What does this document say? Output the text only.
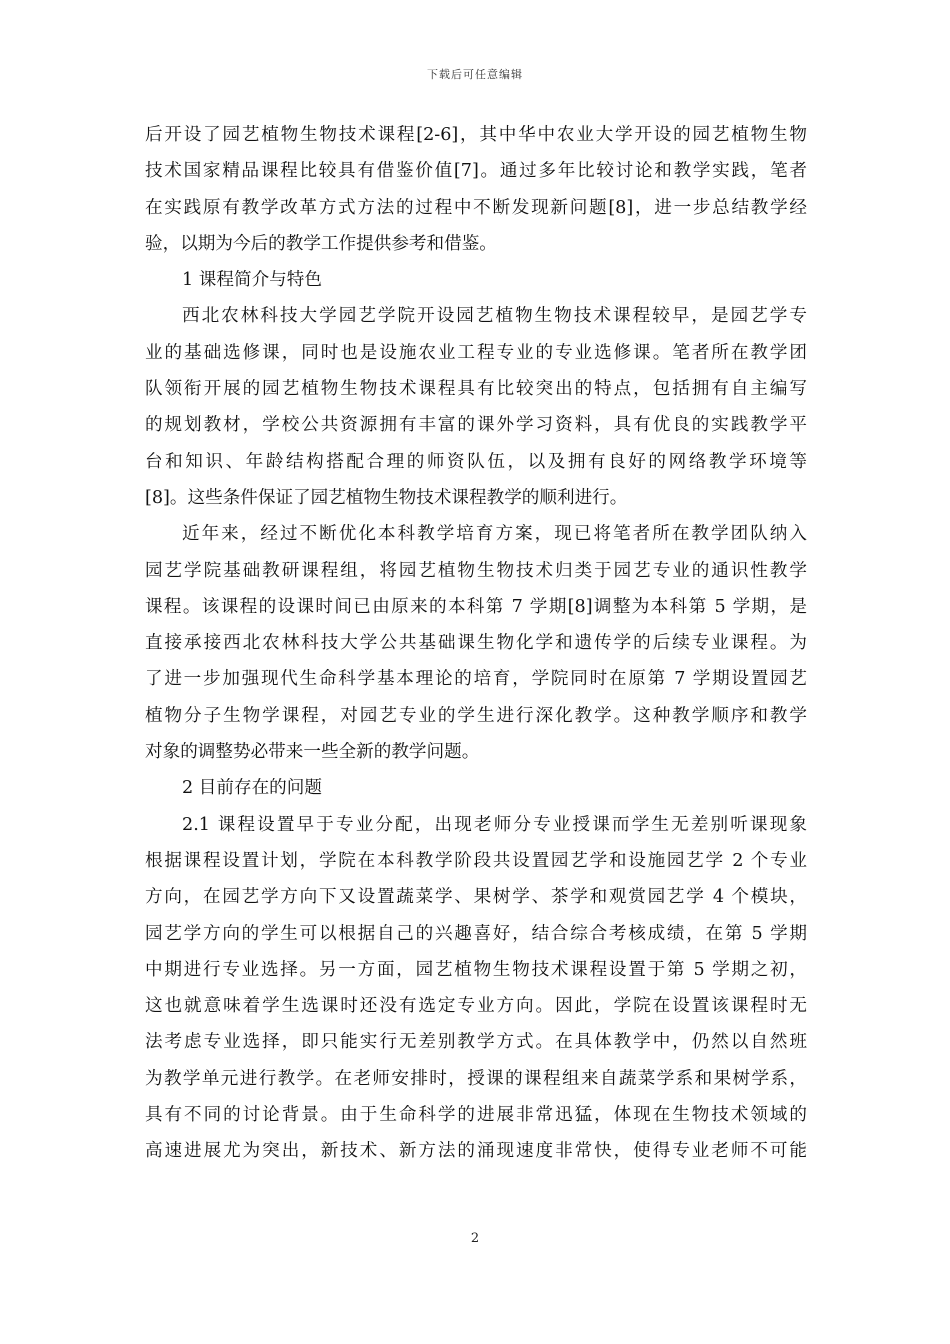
下载后可任意编辑
后开设了园艺植物生物技术课程[2-6]，其中华中农业大学开设的园艺植物生物
技术国家精品课程比较具有借鉴价值[7]。通过多年比较讨论和教学实践，笔者
在实践原有教学改革方式方法的过程中不断发现新问题[8]，进一步总结教学经
验，以期为今后的教学工作提供参考和借鉴。
1 课程简介与特色
西北农林科技大学园艺学院开设园艺植物生物技术课程较早，是园艺学专
业的基础选修课，同时也是设施农业工程专业的专业选修课。笔者所在教学团
队领衔开展的园艺植物生物技术课程具有比较突出的特点，包括拥有自主编写
的规划教材，学校公共资源拥有丰富的课外学习资料，具有优良的实践教学平
台和知识、年龄结构搭配合理的师资队伍，以及拥有良好的网络教学环境等
[8]。这些条件保证了园艺植物生物技术课程教学的顺利进行。
近年来，经过不断优化本科教学培育方案，现已将笔者所在教学团队纳入
园艺学院基础教研课程组，将园艺植物生物技术归类于园艺专业的通识性教学
课程。该课程的设课时间已由原来的本科第 7 学期[8]调整为本科第 5 学期，是
直接承接西北农林科技大学公共基础课生物化学和遗传学的后续专业课程。为
了进一步加强现代生命科学基本理论的培育，学院同时在原第 7 学期设置园艺
植物分子生物学课程，对园艺专业的学生进行深化教学。这种教学顺序和教学
对象的调整势必带来一些全新的教学问题。
2 目前存在的问题
2.1 课程设置早于专业分配，出现老师分专业授课而学生无差别听课现象
根据课程设置计划，学院在本科教学阶段共设置园艺学和设施园艺学 2 个专业
方向，在园艺学方向下又设置蔬菜学、果树学、茶学和观赏园艺学 4 个模块，
园艺学方向的学生可以根据自己的兴趣喜好，结合综合考核成绩，在第 5 学期
中期进行专业选择。另一方面，园艺植物生物技术课程设置于第 5 学期之初，
这也就意味着学生选课时还没有选定专业方向。因此，学院在设置该课程时无
法考虑专业选择，即只能实行无差别教学方式。在具体教学中，仍然以自然班
为教学单元进行教学。在老师安排时，授课的课程组来自蔬菜学系和果树学系，
具有不同的讨论背景。由于生命科学的进展非常迅猛，体现在生物技术领域的
高速进展尤为突出，新技术、新方法的涌现速度非常快，使得专业老师不可能
2
